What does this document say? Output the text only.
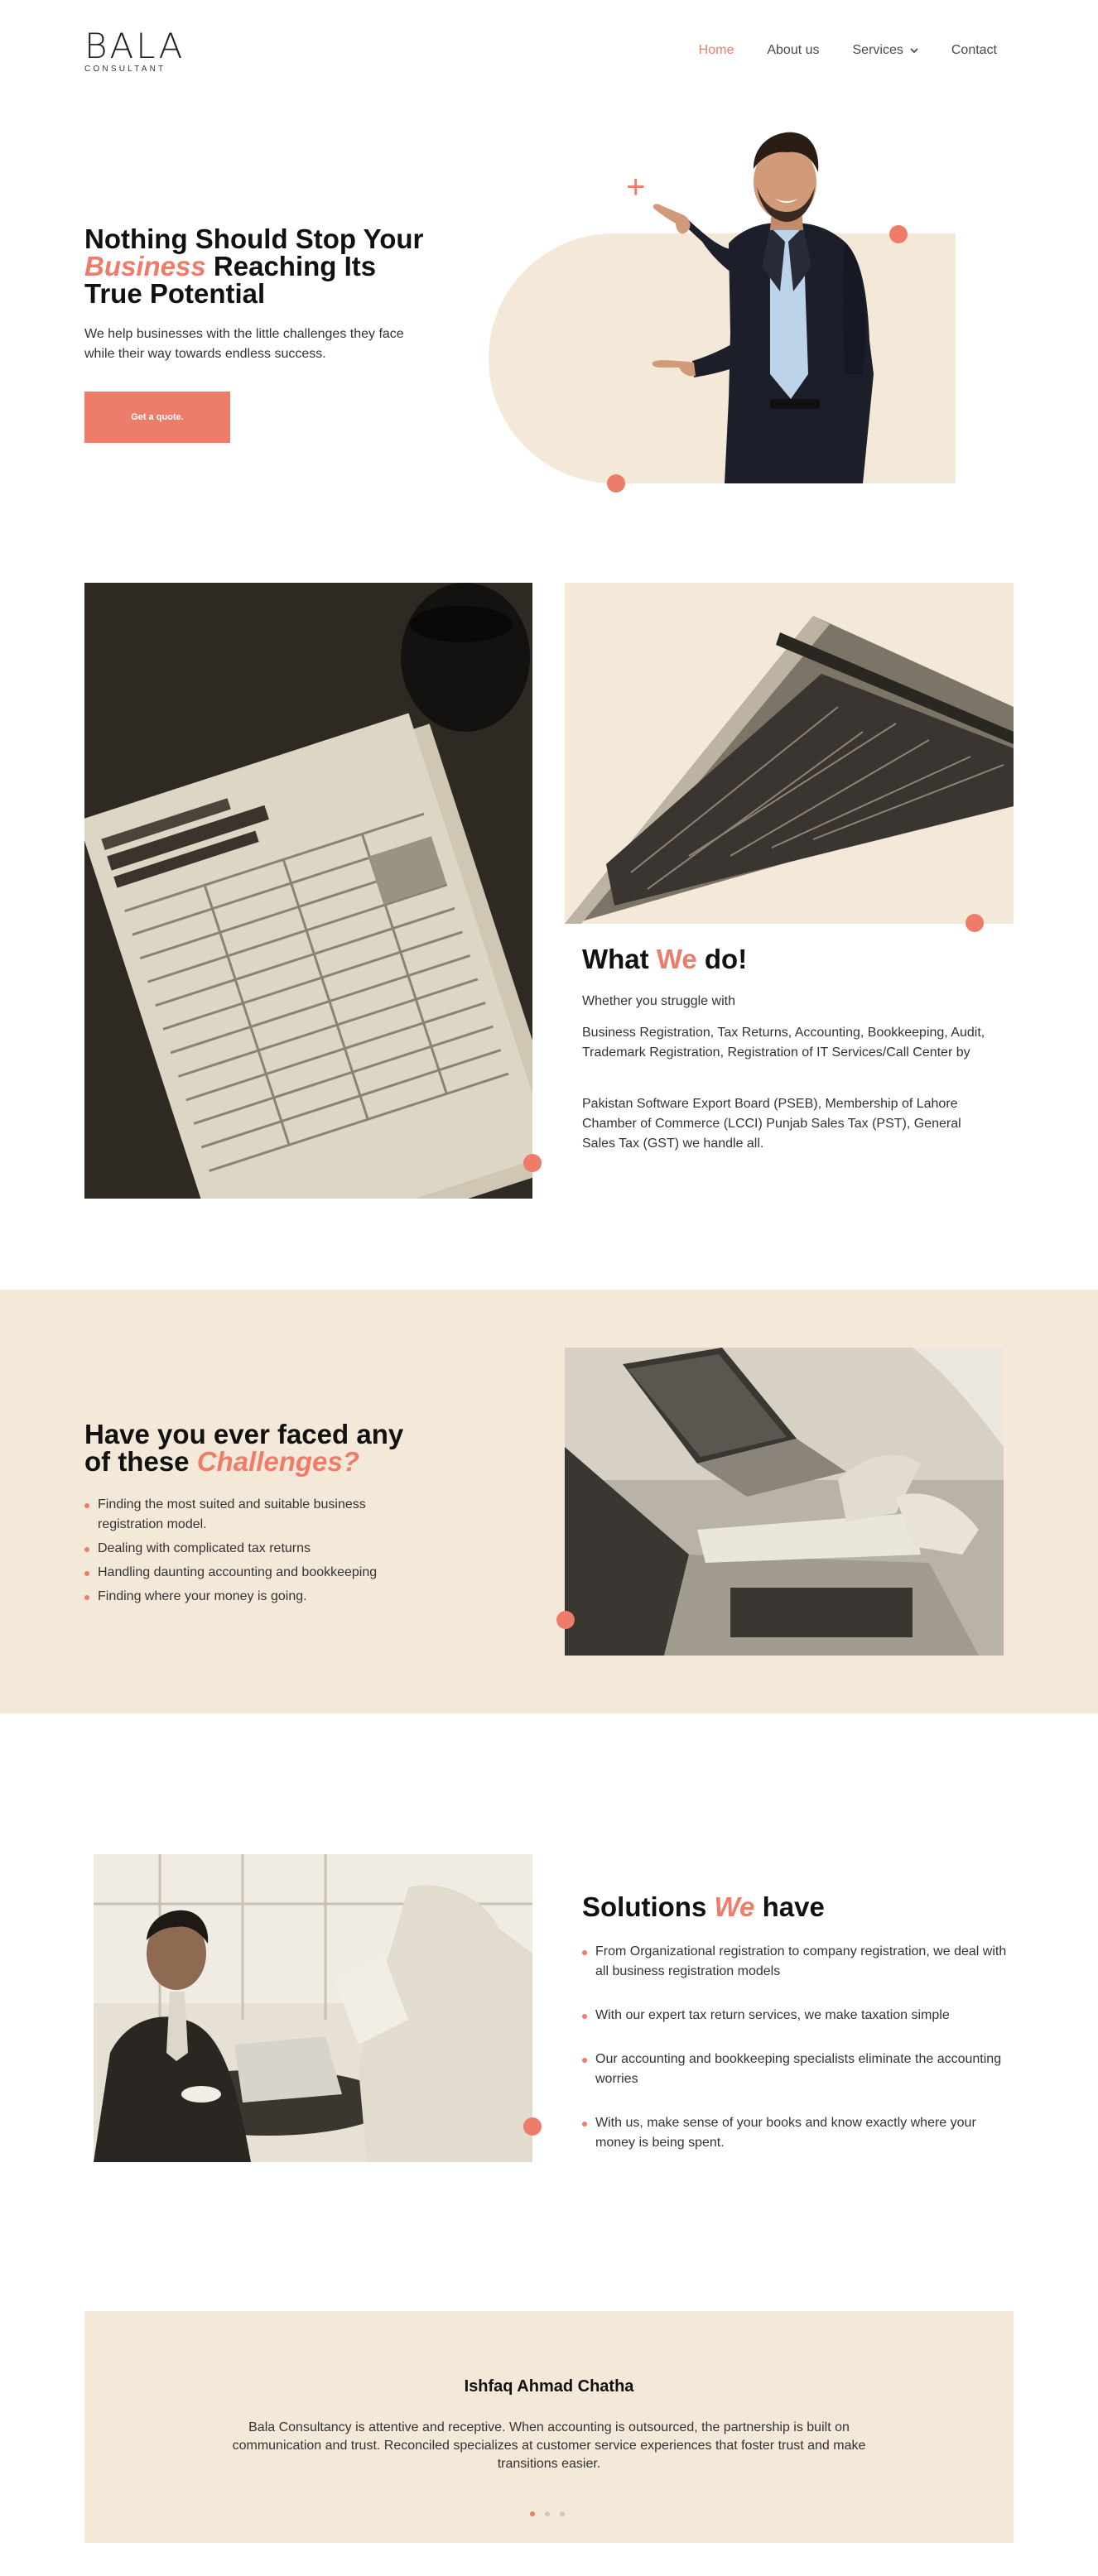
BALA
CONSULTANT
Home	About us	Services	Contact
Nothing Should Stop Your Business Reaching Its True Potential

We help businesses with the little challenges they face while their way towards endless success.

Get a quote.
+
What We do!

Whether you struggle with

Business Registration, Tax Returns, Accounting, Bookkeeping, Audit, Trademark Registration, Registration of IT Services/Call Center by

Pakistan Software Export Board (PSEB), Membership of Lahore Chamber of Commerce (LCCI) Punjab Sales Tax (PST), General Sales Tax (GST) we handle all.

Have you ever faced any of these Challenges?
Finding the most suited and suitable business registration model.
Dealing with complicated tax returns
Handling daunting accounting and bookkeeping
Finding where your money is going.
Solutions We have
From Organizational registration to company registration, we deal with all business registration models
With our expert tax return services, we make taxation simple
Our accounting and bookkeeping specialists eliminate the accounting worries
With us, make sense of your books and know exactly where your money is being spent.
Ishfaq Ahmad Chatha

Bala Consultancy is attentive and receptive. When accounting is outsourced, the partnership is built on communication and trust. Reconciled specializes at customer service experiences that foster trust and make transitions easier.
